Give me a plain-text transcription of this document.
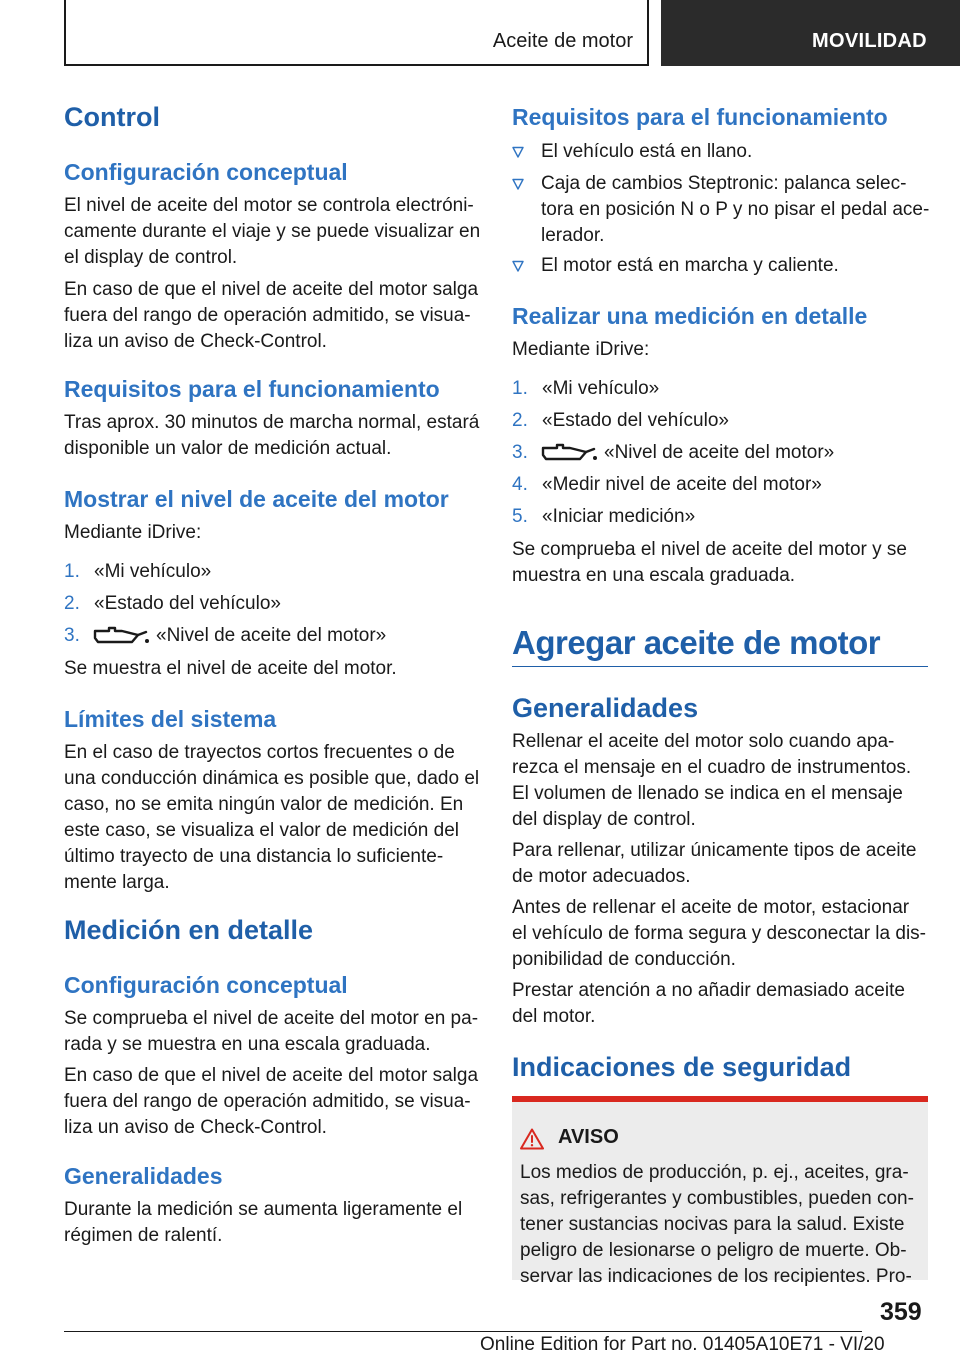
Aceite de motor	MOVILIDAD
Control
Configuración conceptual
El nivel de aceite del motor se controla electróni-
camente durante el viaje y se puede visualizar en
el display de control.
En caso de que el nivel de aceite del motor salga
fuera del rango de operación admitido, se visua-
liza un aviso de Check-Control.
Requisitos para el funcionamiento
Tras aprox. 30 minutos de marcha normal, estará
disponible un valor de medición actual.
Mostrar el nivel de aceite del motor
Mediante iDrive:
1. «Mi vehículo»
2. «Estado del vehículo»
3.	«Nivel de aceite del motor»
Se muestra el nivel de aceite del motor.
Límites del sistema
En el caso de trayectos cortos frecuentes o de
una conducción dinámica es posible que, dado el
caso, no se emita ningún valor de medición. En
este caso, se visualiza el valor de medición del
último trayecto de una distancia lo suficiente-
mente larga.
Medición en detalle
Configuración conceptual
Se comprueba el nivel de aceite del motor en pa-
rada y se muestra en una escala graduada.
En caso de que el nivel de aceite del motor salga
fuera del rango de operación admitido, se visua-
liza un aviso de Check-Control.
Generalidades
Durante la medición se aumenta ligeramente el
régimen de ralentí.
Requisitos para el funcionamiento
El vehículo está en llano.
Caja de cambios Steptronic: palanca selec-
tora en posición N o P y no pisar el pedal ace-
lerador.
El motor está en marcha y caliente.
Realizar una medición en detalle
Mediante iDrive:
1. «Mi vehículo»
2. «Estado del vehículo»
3.	«Nivel de aceite del motor»
4. «Medir nivel de aceite del motor»
5. «Iniciar medición»
Se comprueba el nivel de aceite del motor y se
muestra en una escala graduada.
Agregar aceite de motor
Generalidades
Rellenar el aceite del motor solo cuando apa-
rezca el mensaje en el cuadro de instrumentos.
El volumen de llenado se indica en el mensaje
del display de control.
Para rellenar, utilizar únicamente tipos de aceite
de motor adecuados.
Antes de rellenar el aceite de motor, estacionar
el vehículo de forma segura y desconectar la dis-
ponibilidad de conducción.
Prestar atención a no añadir demasiado aceite
del motor.
Indicaciones de seguridad
AVISO
Los medios de producción, p. ej., aceites, gra-
sas, refrigerantes y combustibles, pueden con-
tener sustancias nocivas para la salud. Existe
peligro de lesionarse o peligro de muerte. Ob-
servar las indicaciones de los recipientes. Pro-
359
Online Edition for Part no. 01405A10E71 - VI/20
